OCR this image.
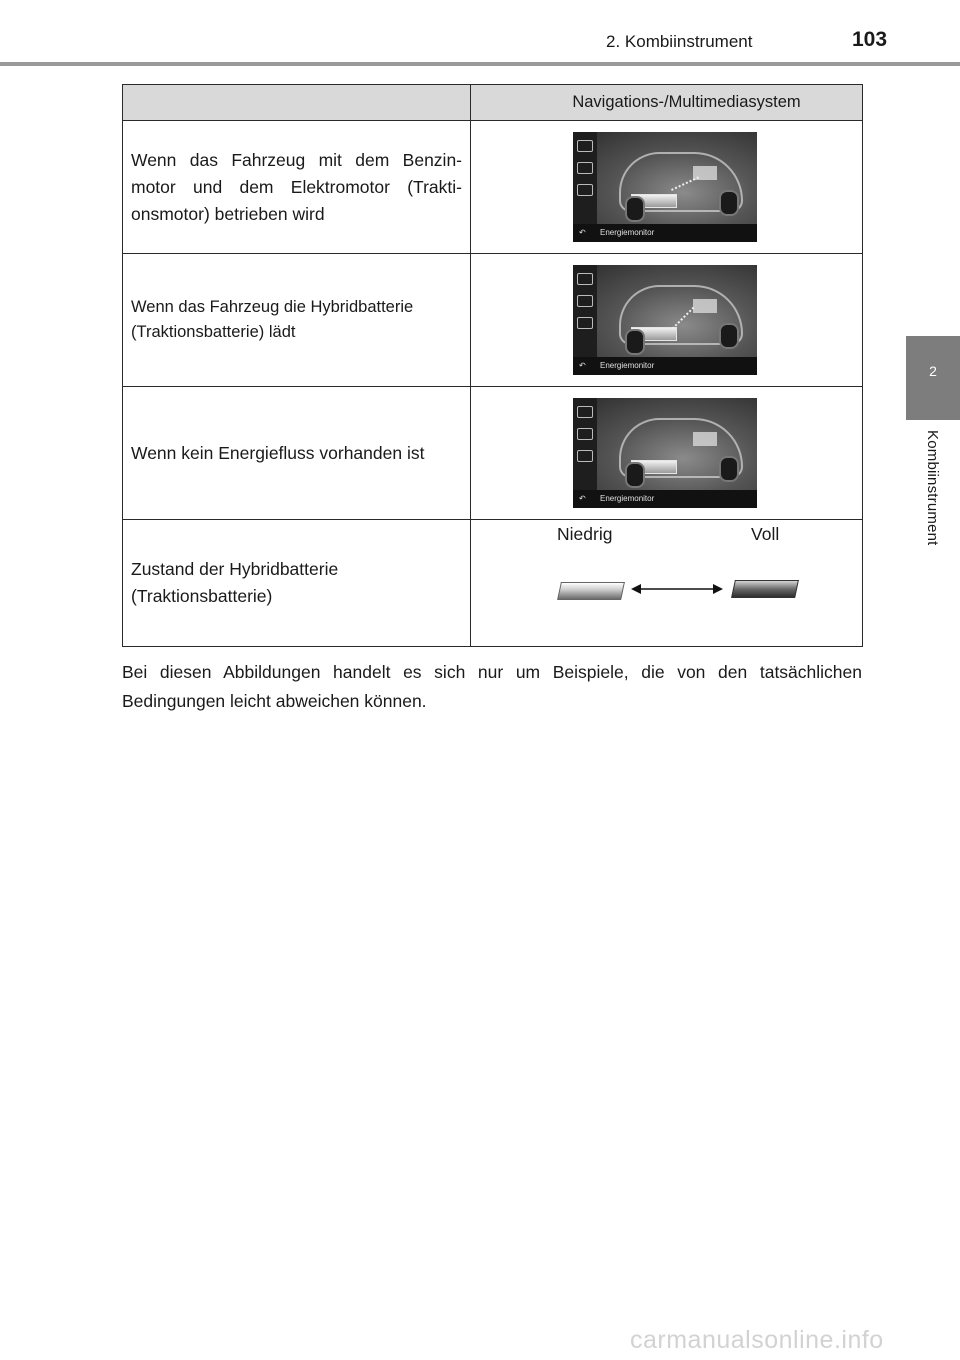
2. Kombiinstrument	103
2
Kombiinstrument

	Navigations-/Multimediasystem

Wenn das Fahrzeug mit dem Benzin-motor und dem Elektromotor (Trakti-onsmotor) betrieben wird	↶ Energiemonitor

Wenn das Fahrzeug die Hybridbatterie (Traktionsbatterie) lädt	↶ Energiemonitor

Wenn kein Energiefluss vorhanden ist	↶ Energiemonitor

Zustand der Hybridbatterie (Traktionsbatterie)	Niedrig Voll
Bei diesen Abbildungen handelt es sich nur um Beispiele, die von den tatsächlichen Bedingungen leicht abweichen können.
carmanualsonline.info
